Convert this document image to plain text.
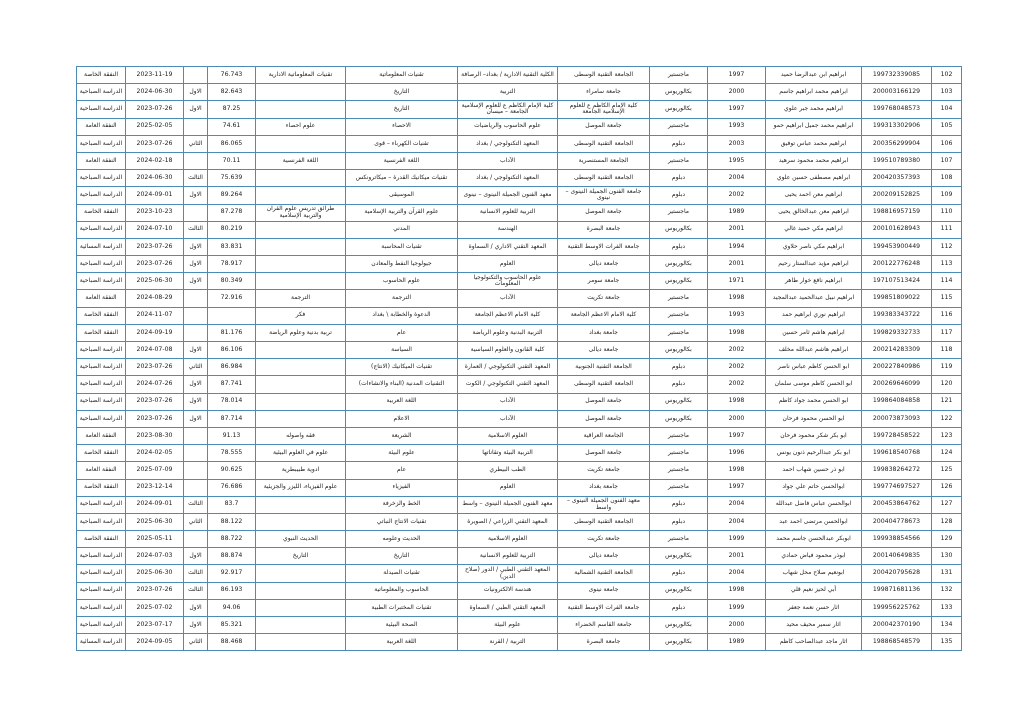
102	199732339085	ابراهيم ابن عبدالرضا حميد	1997	ماجستير	الجامعة التقنية الوسطى	الكلية التقنية الادارية / بغداد– الرصافة	تقنيات المعلوماتية	تقنيات المعلوماتية الادارية	76.743		2023-11-19	النفقة الخاصة
103	200003166129	ابراهيم محمد ابراهيم جاسم	2000	بكالوريوس	جامعة سامراء	التربية	التاريخ		82.643	الاول	2024-06-30	الدراسة الصباحية
104	199768048573	ابراهيم محمد جبر علوي	1997	بكالوريوس	كلية الإمام الكاظم ع للعلوم الإسلامية الجامعة	كلية الإمام الكاظم ع للعلوم الإسلامية الجامعة – ميسان	التاريخ		87.25	الاول	2023-07-26	الدراسة الصباحية
105	199313302906	ابراهيم محمد جميل ابراهيم حمو	1993	ماجستير	جامعة الموصل	علوم الحاسوب والرياضيات	الاحصاء	علوم احصاء	74.61		2025-02-05	النفقة العامة
106	200356299904	ابراهيم محمد عباس توفيق	2003	دبلوم	الجامعة التقنية الوسطى	المعهد التكنولوجي / بغداد	تقنيات الكهرباء – قوى		86.065	الثاني	2023-07-26	الدراسة الصباحية
107	199510789380	ابراهيم محمد محمود سرهيد	1995	ماجستير	الجامعة المستنصرية	الآداب	اللغة الفرنسية	اللغة الفرنسية	70.11		2024-02-18	النفقة العامة
108	200420357393	ابراهيم مصطفى حسين علوي	2004	دبلوم	الجامعة التقنية الوسطى	المعهد التكنولوجي / بغداد	تقنيات ميكانيك القدرة – ميكاترونكس		75.639	الثالث	2024-06-30	الدراسة الصباحية
109	200209152825	ابراهيم معن احمد يحيى	2002	دبلوم	جامعة الفنون الجميلة النينوى – نينوى	معهد الفنون الجميلة النينوى – نينوى	الموسيقى		89.264	الاول	2024-09-01	الدراسة الصباحية
110	198816957159	ابراهيم معن عبدالخالق يحيى	1989	ماجستير	جامعة الموصل	التربية للعلوم الانسانية	علوم القرآن والتربية الإسلامية	طرائق تدريس علوم القرآن والتربية الإسلامية	87.278		2023-10-23	النفقة الخاصة
111	200101628943	ابراهيم مكي حميد غالي	2001	بكالوريوس	جامعة البصرة	الهندسة	المدني		80.219	الثالث	2024-07-10	الدراسة الصباحية
112	199453900449	ابراهيم مكي ناصر حلاوي	1994	دبلوم	جامعة الفرات الاوسط التقنية	المعهد التقني الاداري / السماوة	تقنيات المحاسبة		83.831	الاول	2023-07-26	الدراسة المسائية
113	200122776248	ابراهيم مؤيد عبدالستار رحيم	2001	بكالوريوس	جامعة ديالى	العلوم	جيولوجيا النفط والمعادن		78.917	الاول	2023-07-26	الدراسة الصباحية
114	197107513424	ابراهيم نافع خوار طاهر	1971	بكالوريوس	جامعة سومر	علوم الحاسوب والتكنولوجيا المعلومات	علوم الحاسوب		80.349	الاول	2025-06-30	الدراسة الصباحية
115	199851809022	ابراهيم نبيل عبدالحميد عبدالمجيد	1998	ماجستير	جامعة تكريت	الآداب	الترجمة	الترجمة	72.916		2024-08-29	النفقة العامة
116	199383343722	ابراهيم نوري ابراهيم حمد	1993	ماجستير	كلية الامام الاعظم الجامعة	كلية الامام الاعظم الجامعة	الدعوة والخطابة \ بغداد	فكر			2024-11-07	النفقة الخاصة
117	199829332733	ابراهيم هاشم ثامر حسين	1998	ماجستير	جامعة بغداد	التربية البدنية وعلوم الرياضة	عام	تربية بدنية وعلوم الرياضة	81.176		2024-09-19	النفقة الخاصة
118	200214283309	ابراهيم هاشم عبدالله مخلف	2002	بكالوريوس	جامعة ديالى	كلية القانون والعلوم السياسية	السياسة		86.106	الاول	2024-07-08	الدراسة الصباحية
119	200227840986	ابو الحسن كاظم عباس ناصر	2002	دبلوم	الجامعة التقنية الجنوبية	المعهد التقني التكنولوجي / العمارة	تقنيات الميكانيك (الانتاج)		86.984	الثاني	2023-07-26	الدراسة الصباحية
120	200269646099	ابو الحسن كاظم موسى سلمان	2002	دبلوم	الجامعة التقنية الوسطى	المعهد التقني التكنولوجي / الكوت	التقنيات المدنية (البناء والانشاءات)		87.741	الاول	2024-07-26	الدراسة الصباحية
121	199864084858	ابو الحسن محمد جواد كاظم	1998	بكالوريوس	جامعة الموصل	الآداب	اللغة العربية		78.014	الاول	2023-07-26	الدراسة الصباحية
122	200073873093	ابو الحسن محمود فرحان	2000	بكالوريوس	جامعة الموصل	الآداب	الاعلام		87.714	الاول	2023-07-26	الدراسة الصباحية
123	199728458522	ابو بكر شكر محمود فرحان	1997	ماجستير	الجامعة العراقية	العلوم الاسلامية	الشريعة	فقه واصوله	91.13		2023-08-30	النفقة العامة
124	199618540768	ابو بكر عبدالرحيم ذنون يونس	1996	ماجستير	جامعة الموصل	التربية البيئة وتقاناتها	علوم البيئة	علوم في العلوم البيئية	78.555		2024-02-05	النفقة الخاصة
125	199838264272	ابو ذر حسين شهاب احمد	1998	ماجستير	جامعة تكريت	الطب البيطري	عام	ادوية طبيبطرية	90.625		2025-07-09	النفقة العامة
126	199774697527	ابوالحسن حاتم علي جواد	1997	ماجستير	جامعة بغداد	العلوم	الفيزياء	علوم الفيزياء، الليزر والجزيئية	76.686		2023-12-14	النفقة الخاصة
127	200453864762	ابوالحسن عباس فاضل عبدالله	2004	دبلوم	معهد الفنون الجميلة النينوى – واسط	معهد الفنون الجميلة النينوى – واسط	الخط والزخرفة		83.7	الثالث	2024-09-01	الدراسة الصباحية
128	200404778673	ابوالحسن مرتضى احمد عبد	2004	دبلوم	الجامعة التقنية الوسطى	المعهد التقني الزراعي / الصويرة	تقنيات الانتاج النباتي		88.122	الثاني	2025-06-30	الدراسة الصباحية
129	199938854566	ابوبكر عبدالحسن جاسم محمد	1999	ماجستير	جامعة تكريت	العلوم الاسلامية	الحديث وعلومه	الحديث النبوي	88.722		2025-05-11	النفقة الخاصة
130	200140649835	ابوذر محمود فياض حمادي	2001	بكالوريوس	جامعة ديالى	التربية للعلوم الانسانية	التاريخ	التاريخ	88.874	الاول	2024-07-03	الدراسة الصباحية
131	200420795628	ابونعيم صلاح محل شهاب	2004	دبلوم	الجامعة التقنية الشمالية	المعهد التقني الطبي / الدور (صلاح الدين)	تقنيات الصيدلة		92.917	الثالث	2025-06-30	الدراسة الصباحية
132	199871681136	أبي لحيز نعيم قلي	1998	بكالوريوس	جامعة نينوى	هندسة الالكترونيات	الحاسوب والمعلوماتية		86.193	الثالث	2023-07-26	الدراسة الصباحية
133	199956225762	اثار حسن نعمة جعفر	1999	دبلوم	جامعة الفرات الاوسط التقنية	المعهد التقني الطبي / السماوة	تقنيات المختبرات الطبية		94.06	الاول	2025-07-02	الدراسة الصباحية
134	200042370190	اثار سمير محيف محيد	2000	بكالوريوس	جامعة القاسم الخضراء	علوم البيئة	الصحة البيئية		85.321	الاول	2023-07-17	الدراسة الصباحية
135	198868548579	اثار ماجد عبدالصاحب كاظم	1989	بكالوريوس	جامعة البصرة	التربية / القرنة	اللغة العربية		88.468	الثاني	2024-09-05	الدراسة المسائية
